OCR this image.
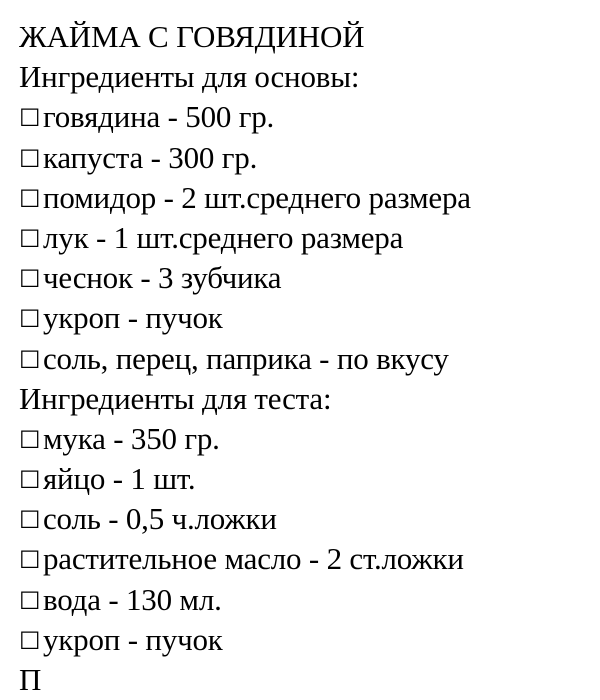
ЖАЙМА С ГОВЯДИНОЙ
Ингредиенты для основы:
☐говядина - 500 гр.
☐капуста - 300 гр.
☐помидор - 2 шт.среднего размера
☐лук - 1 шт.среднего размера
☐чеснок - 3 зубчика
☐укроп - пучок
☐соль, перец, паприка - по вкусу
Ингредиенты для теста:
☐мука - 350 гр.
☐яйцо - 1 шт.
☐соль - 0,5 ч.ложки
☐растительное масло - 2 ст.ложки
☐вода - 130 мл.
☐укроп - пучок
П
